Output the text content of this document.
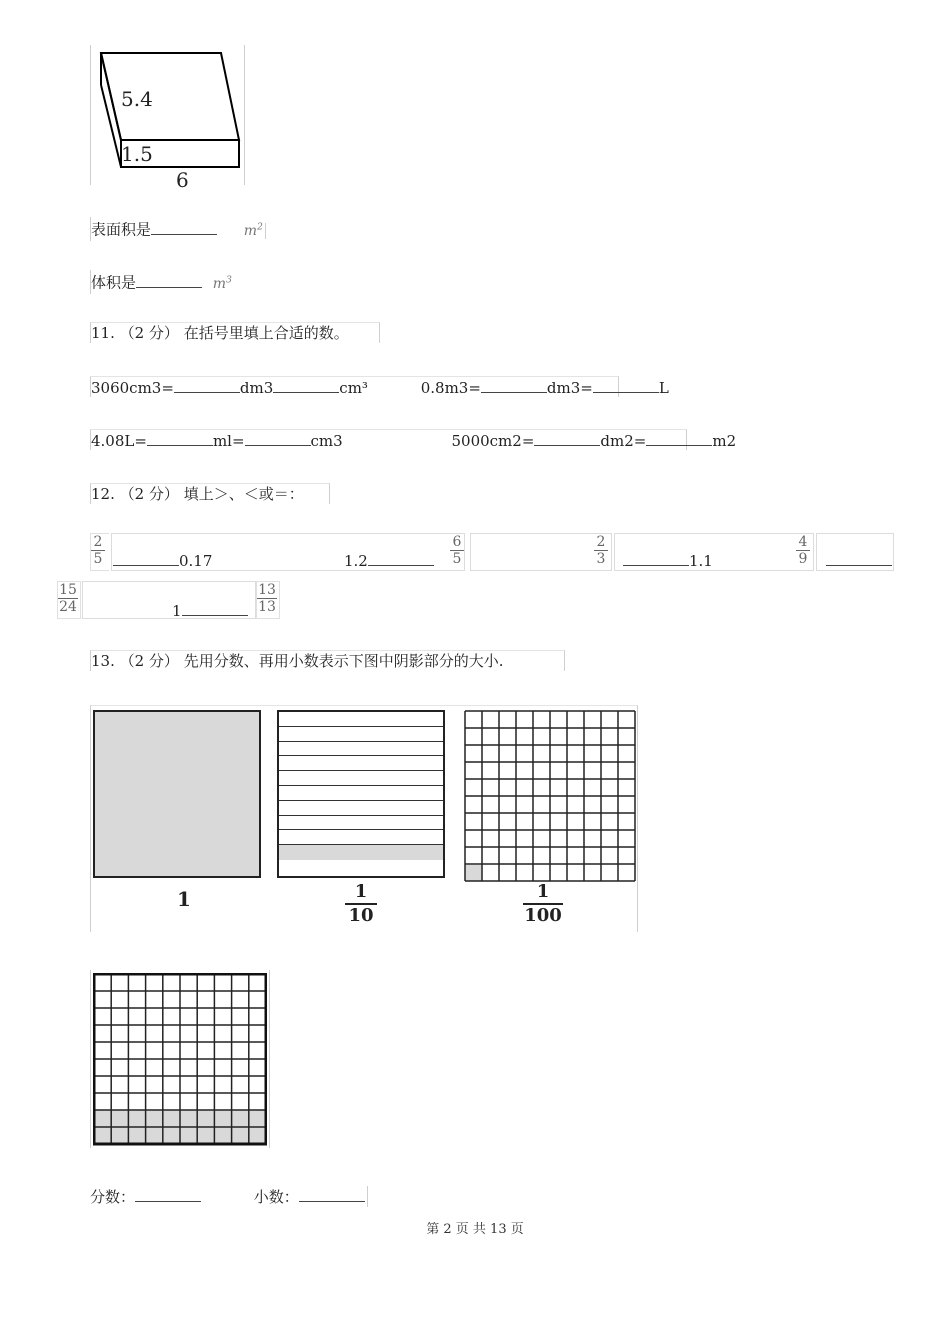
5.4
1.5
6
表面积是	$m^2$
体积是	$m^3$
11. （2 分） 在括号里填上合适的数。
3060cm3=	dm3	cm³	0.8m3=	dm3=	L
4.08L=	ml=	cm3	5000cm2=	dm2=	m2
12. （2 分） 填上＞、＜或＝：
2
5	0.17	1.2
6
5
2
3	1.1
4
9
15
24	1
13
13
13. （2 分） 先用分数、再用小数表示下图中阴影部分的大小.
1	1
10
1
100
分数：	小数：
第 2 页 共 13 页
